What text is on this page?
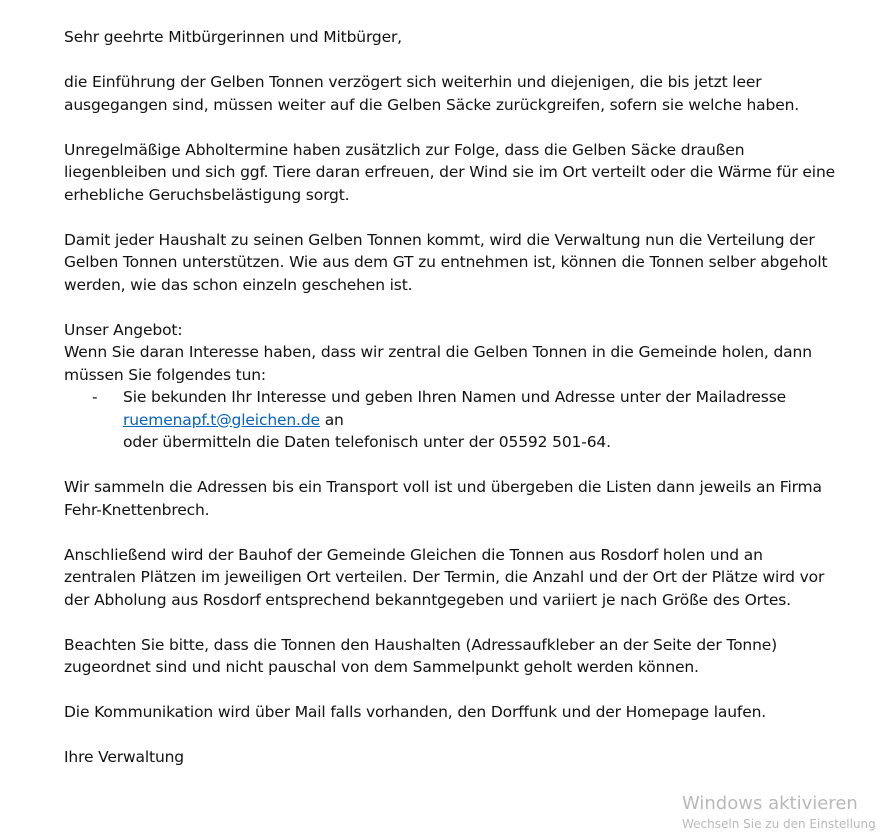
Sehr geehrte Mitbürgerinnen und Mitbürger,

die Einführung der Gelben Tonnen verzögert sich weiterhin und diejenigen, die bis jetzt leer
ausgegangen sind, müssen weiter auf die Gelben Säcke zurückgreifen, sofern sie welche haben.

Unregelmäßige Abholtermine haben zusätzlich zur Folge, dass die Gelben Säcke draußen
liegenbleiben und sich ggf. Tiere daran erfreuen, der Wind sie im Ort verteilt oder die Wärme für eine
erhebliche Geruchsbelästigung sorgt.

Damit jeder Haushalt zu seinen Gelben Tonnen kommt, wird die Verwaltung nun die Verteilung der
Gelben Tonnen unterstützen. Wie aus dem GT zu entnehmen ist, können die Tonnen selber abgeholt
werden, wie das schon einzeln geschehen ist.

Unser Angebot:
Wenn Sie daran Interesse haben, dass wir zentral die Gelben Tonnen in die Gemeinde holen, dann
müssen Sie folgendes tun:
- Sie bekunden Ihr Interesse und geben Ihren Namen und Adresse unter der Mailadresse
ruemenapf.t@gleichen.de an
oder übermitteln die Daten telefonisch unter der 05592 501-64.

Wir sammeln die Adressen bis ein Transport voll ist und übergeben die Listen dann jeweils an Firma
Fehr-Knettenbrech.

Anschließend wird der Bauhof der Gemeinde Gleichen die Tonnen aus Rosdorf holen und an
zentralen Plätzen im jeweiligen Ort verteilen. Der Termin, die Anzahl und der Ort der Plätze wird vor
der Abholung aus Rosdorf entsprechend bekanntgegeben und variiert je nach Größe des Ortes.

Beachten Sie bitte, dass die Tonnen den Haushalten (Adressaufkleber an der Seite der Tonne)
zugeordnet sind und nicht pauschal von dem Sammelpunkt geholt werden können.

Die Kommunikation wird über Mail falls vorhanden, den Dorffunk und der Homepage laufen.

Ihre Verwaltung

Windows aktivieren
Wechseln Sie zu den Einstellung
